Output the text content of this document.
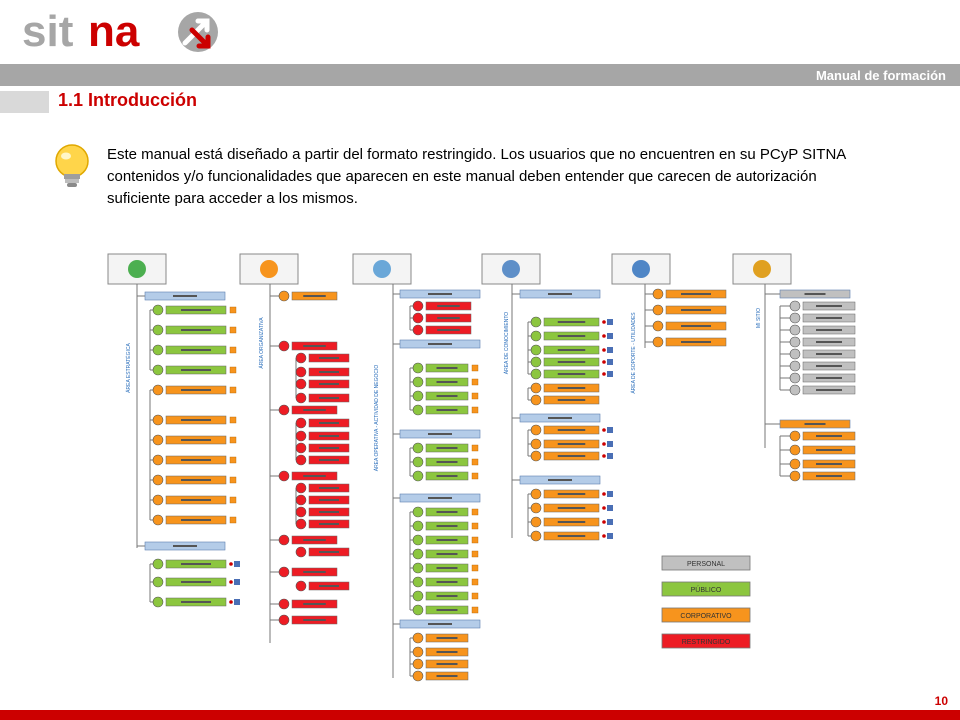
sit na
Manual de formación
1.1 Introducción

Este manual está diseñado a partir del formato restringido. Los usuarios que no encuentren en su PCyP SITNA contenidos y/o funcionalidades que aparecen en este manual deben entender que carecen de autorización suficiente para acceder a los mismos.

ÁREA ESTRATÉGICA	ÁREA ORGANIZATIVA
ÁREA OPERATIVA - ACTIVIDAD DE NEGOCIO
ÁREA DE CONOCIMIENTO	ÁREA DE SOPORTE - UTILIDADES	MI SITIO
PERSONAL
PÚBLICO
CORPORATIVO
RESTRINGIDO
10
